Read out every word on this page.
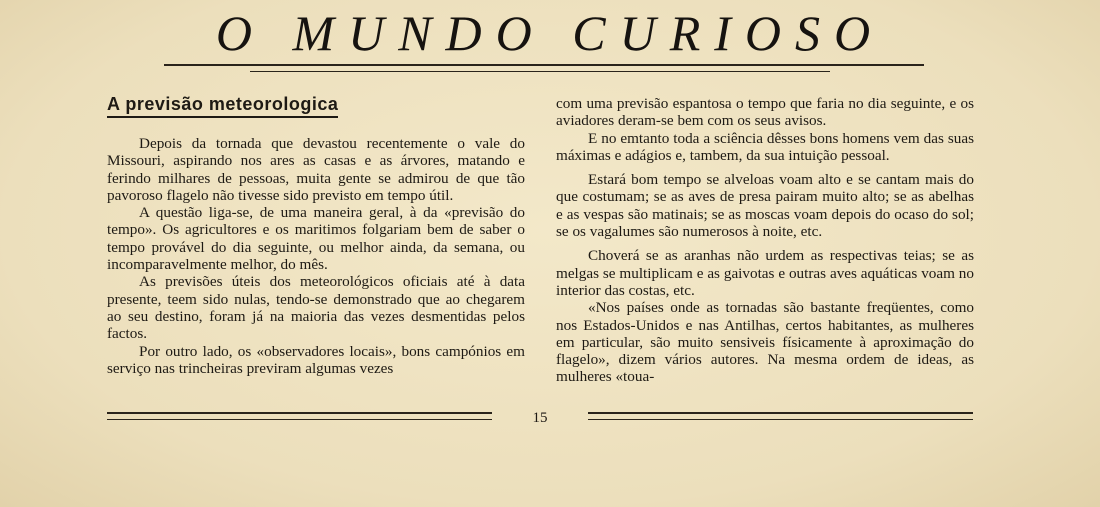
O MUNDO CURIOSO
A previsão meteorologica

Depois da tornada que devastou recentemente o vale do Missouri, aspirando nos ares as casas e as árvores, matando e ferindo milhares de pessoas, muita gente se admirou de que tão pavoroso flagelo não tivesse sido previsto em tempo útil.

A questão liga-se, de uma maneira geral, à da «previsão do tempo». Os agricultores e os maritimos folgariam bem de saber o tempo provável do dia seguinte, ou melhor ainda, da semana, ou incomparavelmente melhor, do mês.

As previsões úteis dos meteorológicos oficiais até à data presente, teem sido nulas, tendo-se demonstrado que ao chegarem ao seu destino, foram já na maioria das vezes desmentidas pelos factos.

Por outro lado, os «observadores locais», bons campónios em serviço nas trincheiras previram algumas vezes

com uma previsão espantosa o tempo que faria no dia seguinte, e os aviadores deram-se bem com os seus avisos.

E no emtanto toda a sciência dêsses bons homens vem das suas máximas e adágios e, tambem, da sua intuição pessoal.

Estará bom tempo se alveloas voam alto e se cantam mais do que costumam; se as aves de presa pairam muito alto; se as abelhas e as vespas são matinais; se as moscas voam depois do ocaso do sol; se os vagalumes são numerosos à noite, etc.

Choverá se as aranhas não urdem as respectivas teias; se as melgas se multiplicam e as gaivotas e outras aves aquáticas voam no interior das costas, etc.

«Nos países onde as tornadas são bastante freqüentes, como nos Estados-Unidos e nas Antilhas, certos habitantes, as mulheres em particular, são muito sensiveis físicamente à aproximação do flagelo», dizem vários autores. Na mesma ordem de ideas, as mulheres «toua-

15
